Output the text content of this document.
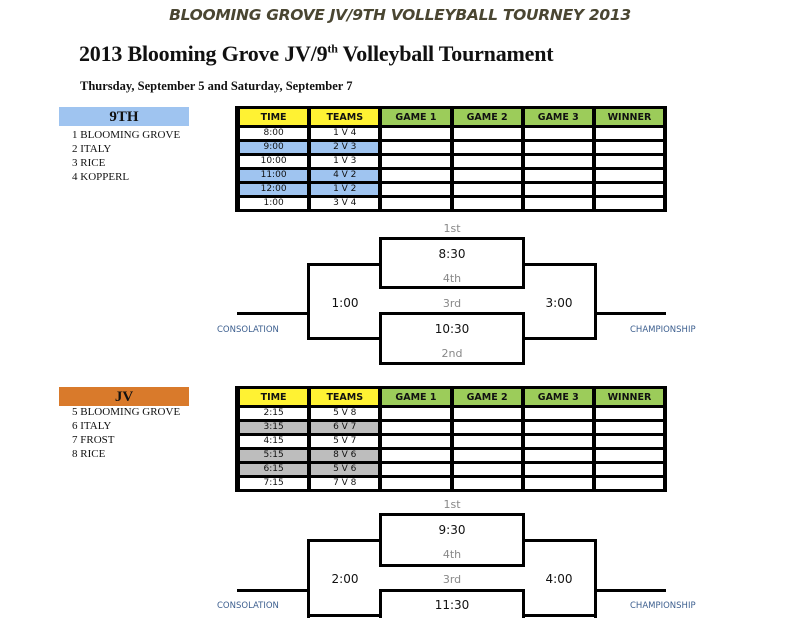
BLOOMING GROVE JV/9TH VOLLEYBALL TOURNEY 2013
2013 Blooming Grove JV/9th Volleyball Tournament
Thursday, September 5 and Saturday, September 7
9TH
1 BLOOMING GROVE
2 ITALY
3 RICE
4 KOPPERL
TIME	TEAMS	GAME 1	GAME 2	GAME 3	WINNER
8:00	1 V 4
9:00	2 V 3
10:00	1 V 3
11:00	4 V 2
12:00	1 V 2
1:00	3 V 4
1st
8:30
4th
3rd
10:30
2nd
1:00	3:00
CONSOLATION	CHAMPIONSHIP
JV
5 BLOOMING GROVE
6 ITALY
7 FROST
8 RICE
TIME	TEAMS	GAME 1	GAME 2	GAME 3	WINNER
2:15	5 V 8
3:15	6 V 7
4:15	5 V 7
5:15	8 V 6
6:15	5 V 6
7:15	7 V 8
1st
9:30
4th
3rd
11:30
2:00	4:00
CONSOLATION	CHAMPIONSHIP
